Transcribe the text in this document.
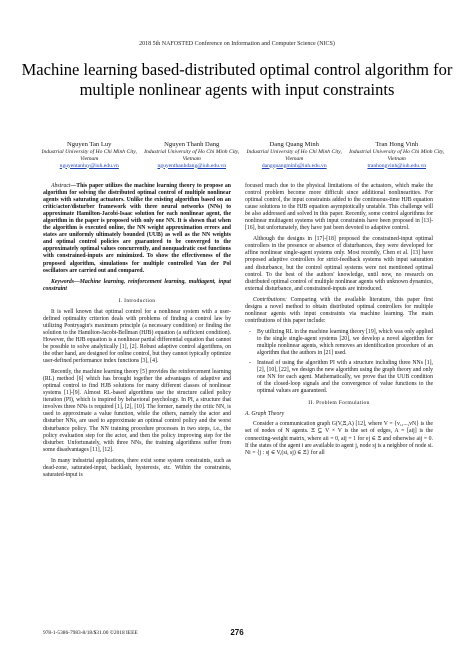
2018 5th NAFOSTED Conference on Information and Computer Science (NICS)
Machine learning based-distributed optimal control algorithm for multiple nonlinear agents with input constraints
Nguyen Tan Luy
Industrial University of Ho Chi Minh City,
Vietnam
nguyentanluy@iuh.edu.vn
Nguyen Thanh Dang
Industrial University of Ho Chi Minh City, Vietnam
nguyenthanhdang@iuh.edu.vn
Dang Quang Minh
Industrial University of Ho Chi Minh City, Vietnam
dangquangminh@iuh.edu.vn
Tran Hong Vinh
Industrial University of Ho Chi Minh City, Vietnam
tranhongvinh@iuh.edu.vn

Abstract—This paper utilizes the machine learning theory to propose an algorithm for solving the distributed optimal control of multiple nonlinear agents with saturating actuators. Unlike the existing algorithm based on an critic/actor/disturber framework with three neural networks (NNs) to approximate Hamilton-Jacobi-Isaac solution for each nonlinear agent, the algorithm in the paper is proposed with only one NN. It is shown that when the algorithm is executed online, the NN weight approximation errors and states are uniformly ultimately bounded (UUB) as well as the NN weights and optimal control policies are guaranteed to be converged to the approximately optimal values concurrently, and nonquadratic cost functions with constrained-inputs are minimized. To show the effectiveness of the proposed algorithm, simulations for multiple controlled Van der Pol oscillators are carried out and compared.

Keywords—Machine learning, reinforcement learning, multiagent, input constraint

I. Introduction

It is well known that optimal control for a nonlinear system with a user-defined optimality criterion deals with problems of finding a control law by utilizing Pontryagin's maximum principle (a necessary condition) or finding the solution to the Hamilton-Jacobi-Bellman (HJB) equation (a sufficient condition). However, the HJB equation is a nonlinear partial differential equation that cannot be possible to solve analytically [1], [2]. Robust adaptive control algorithms, on the other hand, are designed for online control, but they cannot typically optimize user-defined performance index functions [3], [4].

Recently, the machine learning theory [5] provides the reinforcement learning (RL) method [6] which has brought together the advantages of adaptive and optimal control to find HJB solutions for many different classes of nonlinear systems [1]-[9]. Almost RL-based algorithms use the structure called policy iteration (PI), which is inspired by behavioral psychology. In PI, a structure that involves three NNs is required [1], [2], [10]. The former, namely the critic NN, is used to approximate a value function, while the others, namely the actor and disturber NNs, are used to approximate an optimal control policy and the worst disturbance policy. The NN training procedure processes in two steps, i.e., the policy evaluation step for the actor, and then the policy improving step for the disturber. Unfortunately, with three NNs, the training algorithms suffer from some disadvantages [11], [12].

In many industrial applications, there exist some system constraints, such as dead-zone, saturated-input, backlash, hysteresis, etc. Within the constraints, saturated-input is

focused much due to the physical limitations of the actuators, which make the control problem become more difficult since additional nonlinearities. For optimal control, the input constraints added to the continuous-time HJB equation cause solutions to the HJB equation asymptotically unstable. This challenge will be also addressed and solved in this paper. Recently, some control algorithms for nonlinear multiagent systems with input constraints have been proposed in [13]-[16], but unfortunately, they have just been devoted to adaptive control.

Although the designs in [17]-[18] proposed the constrained-input optimal controllers in the presence or absence of disturbances, they were developed for affine nonlinear single-agent systems only. Most recently, Chen et al. [13] have proposed adaptive controllers for strict-feedback systems with input saturation and disturbance, but the control optimal systems were not mentioned optimal control. To the best of the authors' knowledge, until now, no research on distributed optimal control of multiple nonlinear agents with unknown dynamics, external disturbance, and constrained-inputs are introduced.

Contributions: Comparing with the available literature, this paper first designs a novel method to obtain distributed optimal controllers for multiple nonlinear agents with input constraints via machine learning. The main contributions of this paper include:

- By utilizing RL in the machine learning theory [19], which was only applied to the single single-agent systems [20], we develop a novel algorithm for multiple nonlinear agents, which removes an identification procedure of an algorithm that the authors in [21] used.
- Instead of using the algorithm PI with a structure including three NNs [1], [2], [10], [22], we design the new algorithm using the graph theory and only one NN for each agent. Mathematically, we prove that the UUB condition of the closed-loop signals and the convergence of value functions to the optimal values are guaranteed.

II. Problem Formulation

A. Graph Theory

Consider a communication graph G(V,Ξ,A) [12], where V = {v₁,...,vN} is the set of nodes of N agents. Ξ ⊆ V × V is the set of edges, A = [aij] is the connecting-weight matrix, where aii = 0, aij = 1 for ej ∈ Ξ and otherwise aij = 0. If the states of the agent i are available to agent j, node sj is a neighbor of node si. Ni = {j : sj ∈ V,(si, sj) ∈ Ξ} for all

276
978-1-5386-7983-8/18/$31.00 ©2018 IEEE
